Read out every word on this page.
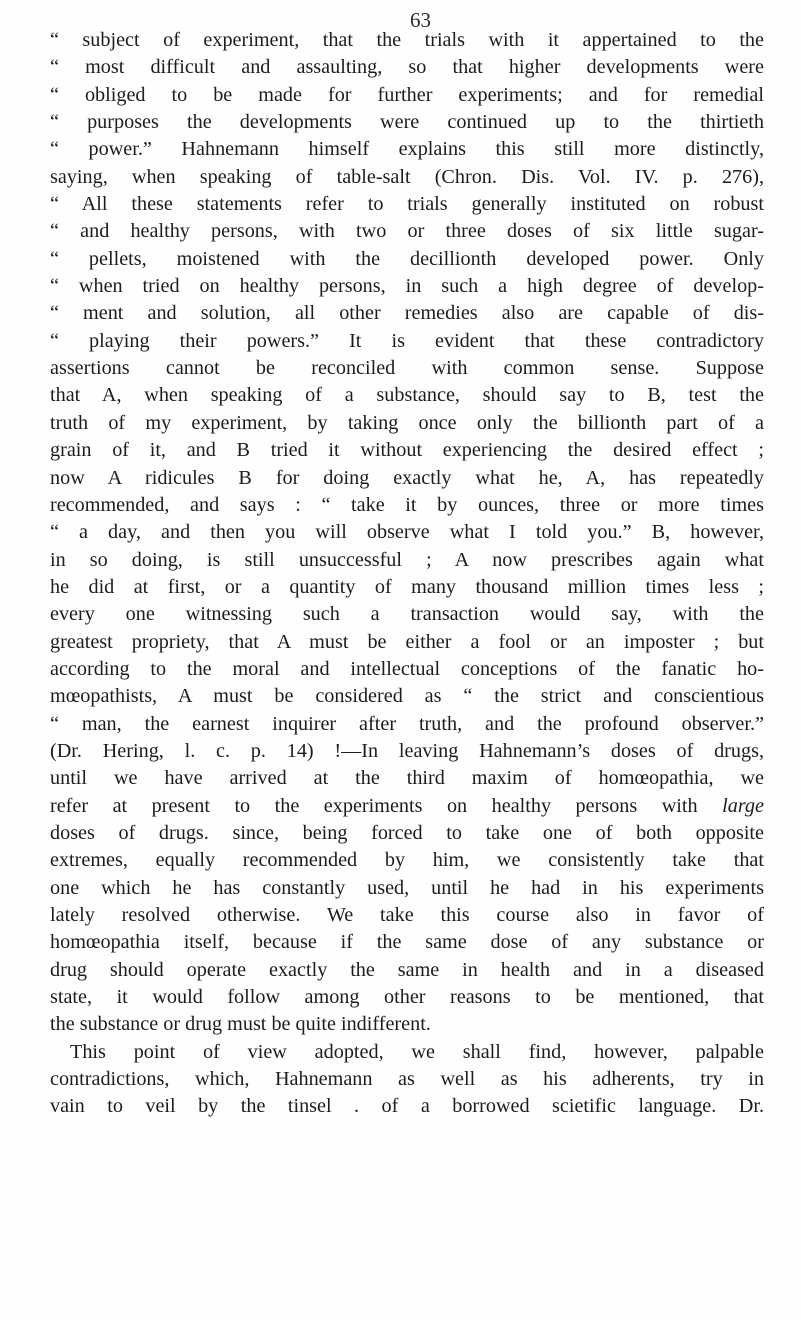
63
“ subject of experiment, that the trials with it appertained to the
“ most difficult and assaulting, so that higher developments were
“ obliged to be made for further experiments; and for remedial
“ purposes the developments were continued up to the thirtieth
“ power.” Hahnemann himself explains this still more distinctly,
saying, when speaking of table-salt (Chron. Dis. Vol. IV. p. 276),
“ All these statements refer to trials generally instituted on robust
“ and healthy persons, with two or three doses of six little sugar-
“ pellets, moistened with the decillionth developed power. Only
“ when tried on healthy persons, in such a high degree of develop-
“ ment and solution, all other remedies also are capable of dis-
“ playing their powers.” It is evident that these contradictory
assertions cannot be reconciled with common sense. Suppose
that A, when speaking of a substance, should say to B, test the
truth of my experiment, by taking once only the billionth part of a
grain of it, and B tried it without experiencing the desired effect ;
now A ridicules B for doing exactly what he, A, has repeatedly
recommended, and says : “ take it by ounces, three or more times
“ a day, and then you will observe what I told you.” B, however,
in so doing, is still unsuccessful ; A now prescribes again what
he did at first, or a quantity of many thousand million times less ;
every one witnessing such a transaction would say, with the
greatest propriety, that A must be either a fool or an imposter ; but
according to the moral and intellectual conceptions of the fanatic ho-
mœopathists, A must be considered as “ the strict and conscientious
“ man, the earnest inquirer after truth, and the profound observer.”
(Dr. Hering, l. c. p. 14) !—In leaving Hahnemann’s doses of drugs,
until we have arrived at the third maxim of homœopathia, we
refer at present to the experiments on healthy persons with large
doses of drugs. since, being forced to take one of both opposite
extremes, equally recommended by him, we consistently take that
one which he has constantly used, until he had in his experiments
lately resolved otherwise. We take this course also in favor of
homœopathia itself, because if the same dose of any substance or
drug should operate exactly the same in health and in a diseased
state, it would follow among other reasons to be mentioned, that
the substance or drug must be quite indifferent.
This point of view adopted, we shall find, however, palpable
contradictions, which, Hahnemann as well as his adherents, try in
vain to veil by the tinsel . of a borrowed scietific language. Dr.
